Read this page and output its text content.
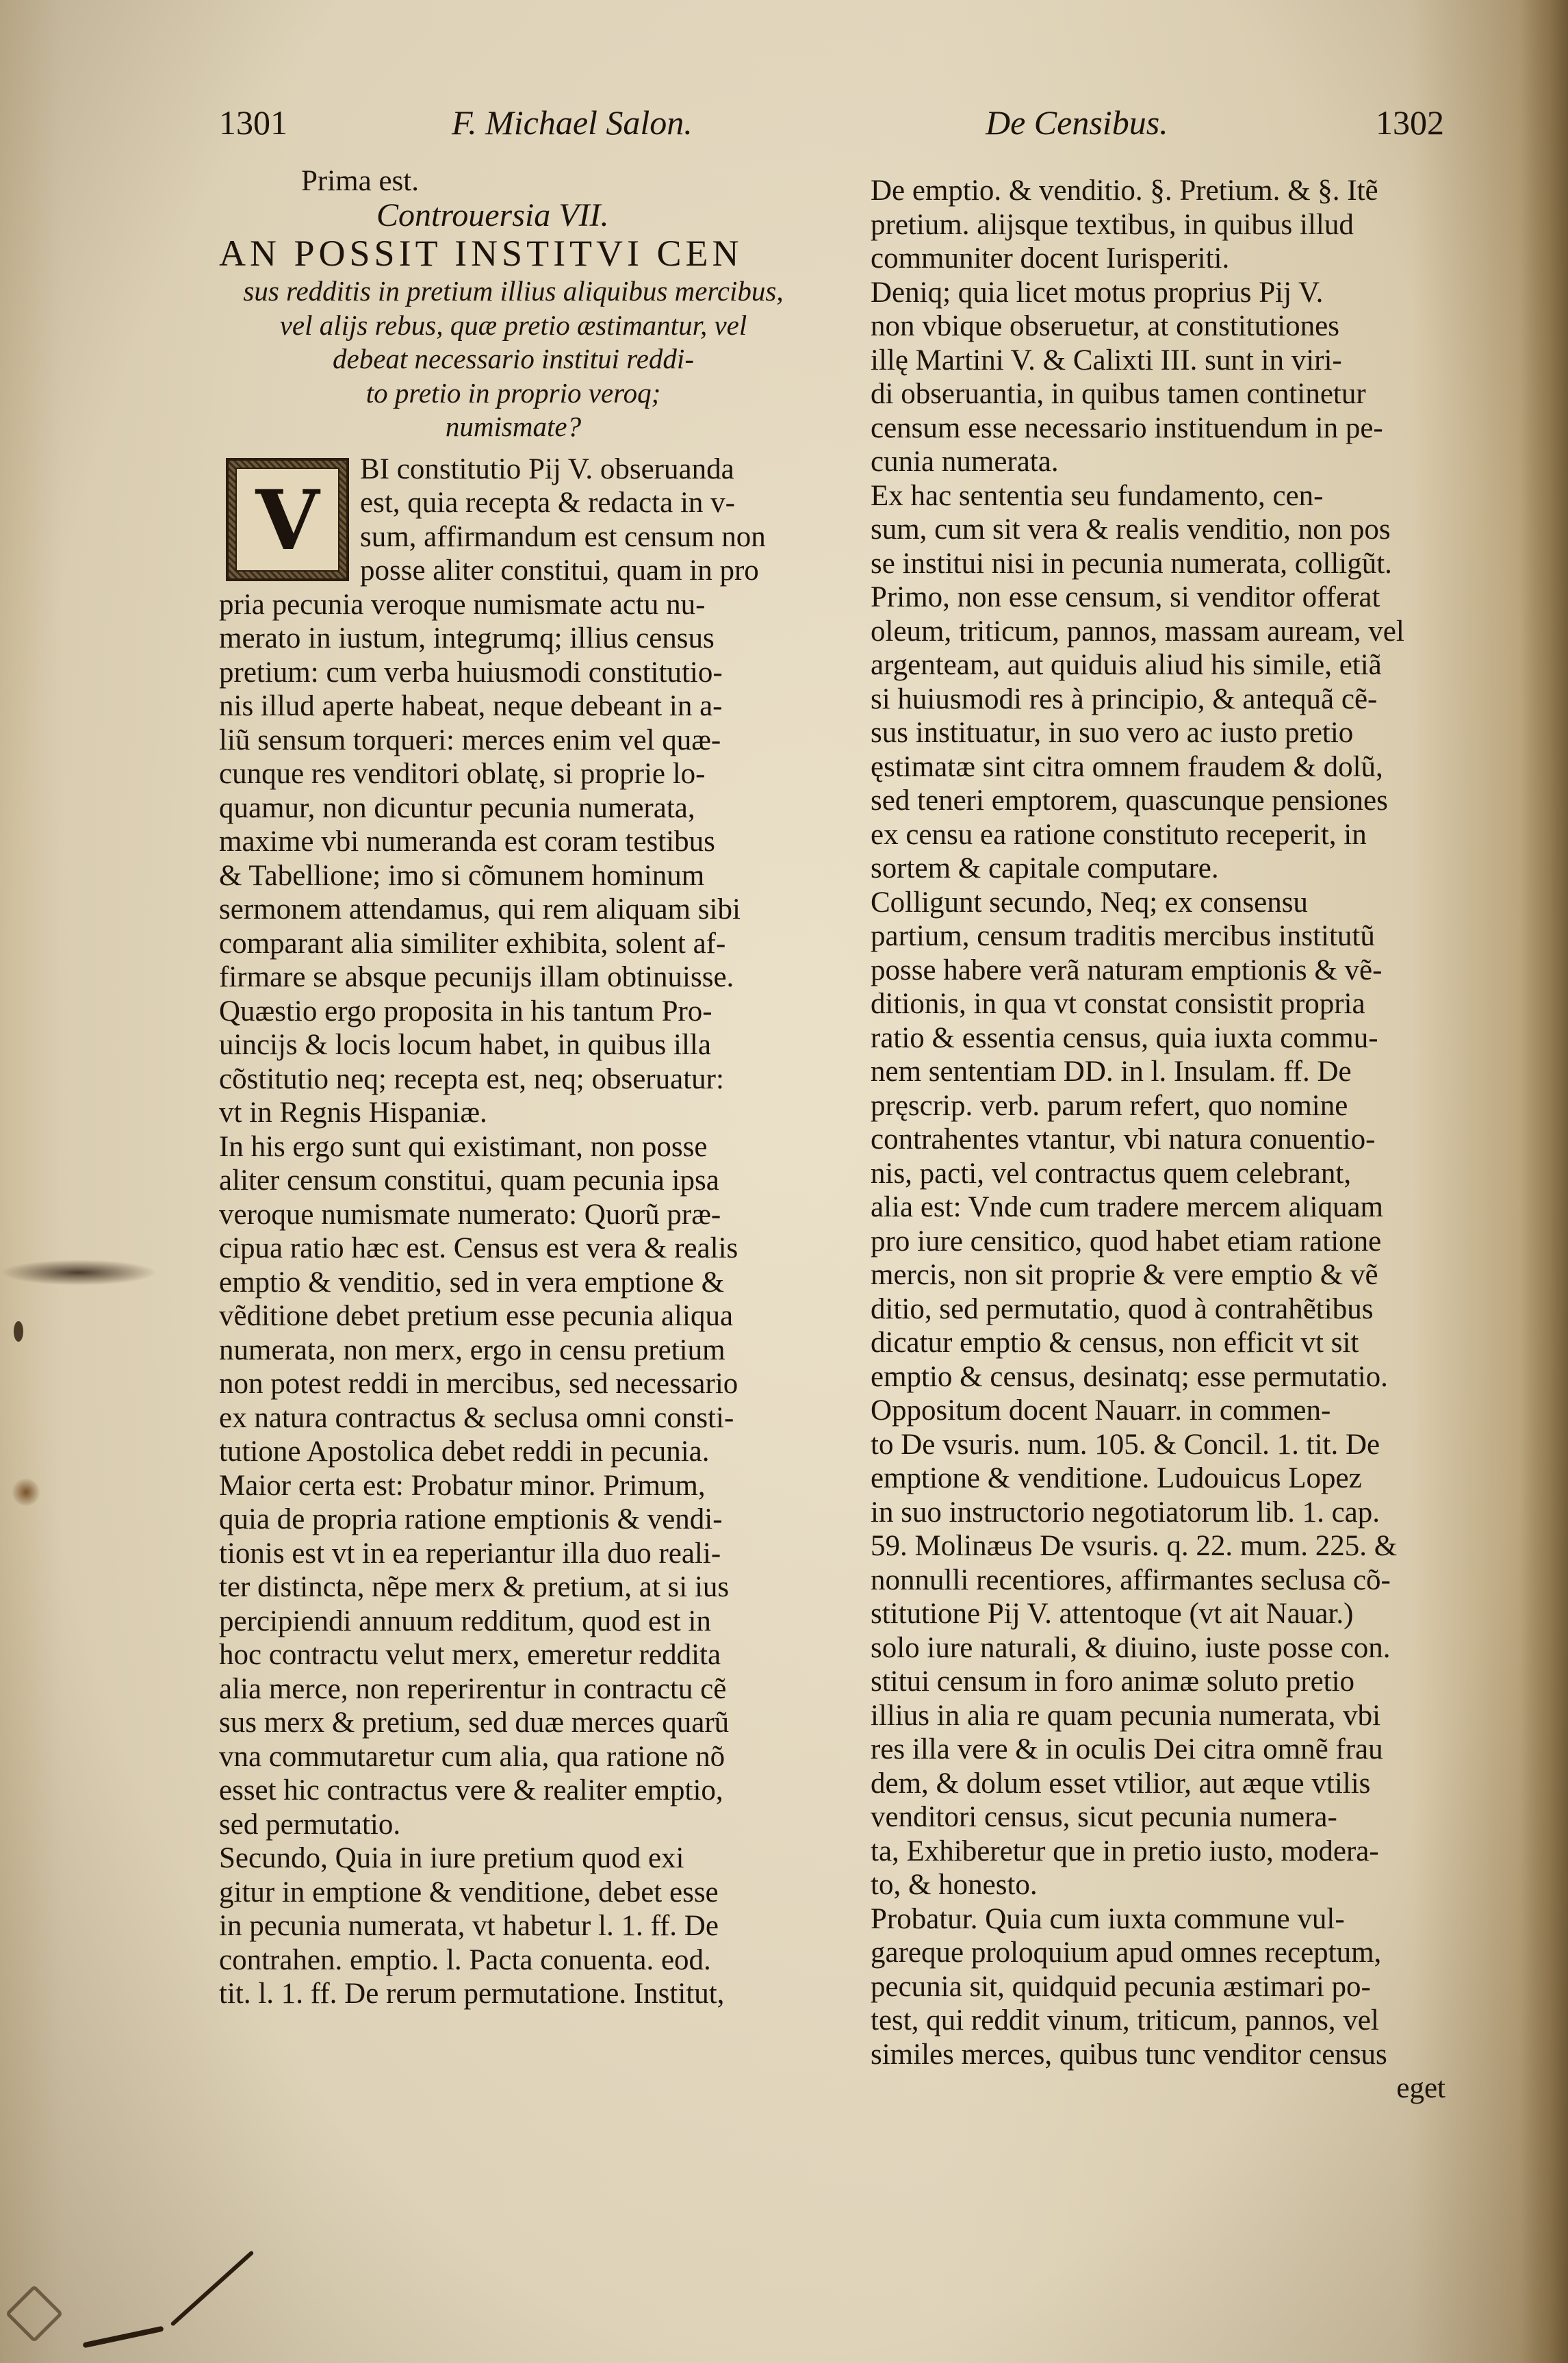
1301	F. Michael Salon.	De Censibus.	1302
Prima est.
Controuersia VII.
AN POSSIT INSTITVI CEN
sus redditis in pretium illius aliquibus mercibus,
vel alijs rebus, quæ pretio æstimantur, vel
debeat necessario institui reddi-
to pretio in proprio veroq;
numismate?
V
BI constitutio Pij V. obseruanda
est, quia recepta & redacta in v-
sum, affirmandum est censum non
posse aliter constitui, quam in pro
pria pecunia veroque numismate actu nu-
merato in iustum, integrumq; illius census
pretium: cum verba huiusmodi constitutio-
nis illud aperte habeat, neque debeant in a-
liũ sensum torqueri: merces enim vel quæ-
cunque res venditori oblatę, si proprie lo-
quamur, non dicuntur pecunia numerata,
maxime vbi numeranda est coram testibus
& Tabellione; imo si cõmunem hominum
sermonem attendamus, qui rem aliquam sibi
comparant alia similiter exhibita, solent af-
firmare se absque pecunijs illam obtinuisse.
Quæstio ergo proposita in his tantum Pro-
uincijs & locis locum habet, in quibus illa
cõstitutio neq; recepta est, neq; obseruatur:
vt in Regnis Hispaniæ.
In his ergo sunt qui existimant, non posse
aliter censum constitui, quam pecunia ipsa
veroque numismate numerato: Quorũ præ-
cipua ratio hæc est. Census est vera & realis
emptio & venditio, sed in vera emptione &
vẽditione debet pretium esse pecunia aliqua
numerata, non merx, ergo in censu pretium
non potest reddi in mercibus, sed necessario
ex natura contractus & seclusa omni consti-
tutione Apostolica debet reddi in pecunia.
Maior certa est: Probatur minor. Primum,
quia de propria ratione emptionis & vendi-
tionis est vt in ea reperiantur illa duo reali-
ter distincta, nẽpe merx & pretium, at si ius
percipiendi annuum redditum, quod est in
hoc contractu velut merx, emeretur reddita
alia merce, non reperirentur in contractu cẽ
sus merx & pretium, sed duæ merces quarũ
vna commutaretur cum alia, qua ratione nõ
esset hic contractus vere & realiter emptio,
sed permutatio.
Secundo, Quia in iure pretium quod exi
gitur in emptione & venditione, debet esse
in pecunia numerata, vt habetur l. 1. ff. De
contrahen. emptio. l. Pacta conuenta. eod.
tit. l. 1. ff. De rerum permutatione. Institut,
De emptio. & venditio. §. Pretium. & §. Itẽ
pretium. alijsque textibus, in quibus illud
communiter docent Iurisperiti.
Deniq; quia licet motus proprius Pij V.
non vbique obseruetur, at constitutiones
illę Martini V. & Calixti III. sunt in viri-
di obseruantia, in quibus tamen continetur
censum esse necessario instituendum in pe-
cunia numerata.
Ex hac sententia seu fundamento, cen-
sum, cum sit vera & realis venditio, non pos
se institui nisi in pecunia numerata, colligũt.
Primo, non esse censum, si venditor offerat
oleum, triticum, pannos, massam auream, vel
argenteam, aut quiduis aliud his simile, etiã
si huiusmodi res à principio, & antequã cẽ-
sus instituatur, in suo vero ac iusto pretio
ęstimatæ sint citra omnem fraudem & dolũ,
sed teneri emptorem, quascunque pensiones
ex censu ea ratione constituto receperit, in
sortem & capitale computare.
Colligunt secundo, Neq; ex consensu
partium, censum traditis mercibus institutũ
posse habere verã naturam emptionis & vẽ-
ditionis, in qua vt constat consistit propria
ratio & essentia census, quia iuxta commu-
nem sententiam DD. in l. Insulam. ff. De
pręscrip. verb. parum refert, quo nomine
contrahentes vtantur, vbi natura conuentio-
nis, pacti, vel contractus quem celebrant,
alia est: Vnde cum tradere mercem aliquam
pro iure censitico, quod habet etiam ratione
mercis, non sit proprie & vere emptio & vẽ
ditio, sed permutatio, quod à contrahẽtibus
dicatur emptio & census, non efficit vt sit
emptio & census, desinatq; esse permutatio.
Oppositum docent Nauarr. in commen-
to De vsuris. num. 105. & Concil. 1. tit. De
emptione & venditione. Ludouicus Lopez
in suo instructorio negotiatorum lib. 1. cap.
59. Molinæus De vsuris. q. 22. mum. 225. &
nonnulli recentiores, affirmantes seclusa cõ-
stitutione Pij V. attentoque (vt ait Nauar.)
solo iure naturali, & diuino, iuste posse con.
stitui censum in foro animæ soluto pretio
illius in alia re quam pecunia numerata, vbi
res illa vere & in oculis Dei citra omnẽ frau
dem, & dolum esset vtilior, aut æque vtilis
venditori census, sicut pecunia numera-
ta, Exhiberetur que in pretio iusto, modera-
to, & honesto.
Probatur. Quia cum iuxta commune vul-
gareque proloquium apud omnes receptum,
pecunia sit, quidquid pecunia æstimari po-
test, qui reddit vinum, triticum, pannos, vel
similes merces, quibus tunc venditor census
eget
